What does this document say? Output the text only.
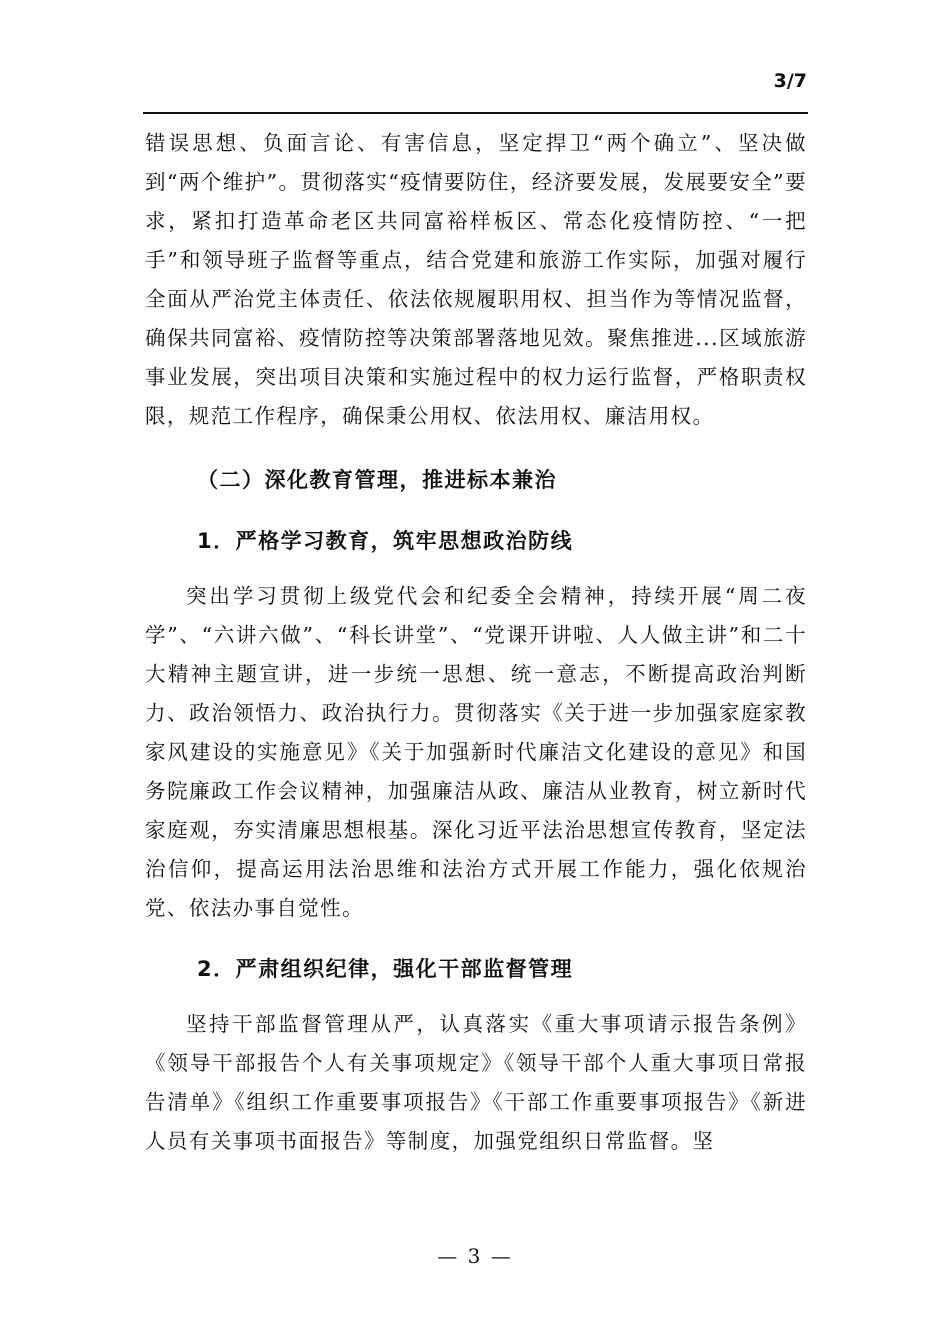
3/7

错误思想、负面言论、有害信息，坚定捍卫“两个确立”、坚决做到“两个维护”。贯彻落实“疫情要防住，经济要发展，发展要安全”要求，紧扣打造革命老区共同富裕样板区、常态化疫情防控、“一把手”和领导班子监督等重点，结合党建和旅游工作实际，加强对履行全面从严治党主体责任、依法依规履职用权、担当作为等情况监督，确保共同富裕、疫情防控等决策部署落地见效。聚焦推进...区域旅游事业发展，突出项目决策和实施过程中的权力运行监督，严格职责权限，规范工作程序，确保秉公用权、依法用权、廉洁用权。

（二）深化教育管理，推进标本兼治
1．严格学习教育，筑牢思想政治防线

突出学习贯彻上级党代会和纪委全会精神，持续开展“周二夜学”、“六讲六做”、“科长讲堂”、“党课开讲啦、人人做主讲”和二十大精神主题宣讲，进一步统一思想、统一意志，不断提高政治判断力、政治领悟力、政治执行力。贯彻落实《关于进一步加强家庭家教家风建设的实施意见》《关于加强新时代廉洁文化建设的意见》和国务院廉政工作会议精神，加强廉洁从政、廉洁从业教育，树立新时代家庭观，夯实清廉思想根基。深化习近平法治思想宣传教育，坚定法治信仰，提高运用法治思维和法治方式开展工作能力，强化依规治党、依法办事自觉性。

2．严肃组织纪律，强化干部监督管理

坚持干部监督管理从严，认真落实《重大事项请示报告条例》《领导干部报告个人有关事项规定》《领导干部个人重大事项日常报告清单》《组织工作重要事项报告》《干部工作重要事项报告》《新进人员有关事项书面报告》等制度，加强党组织日常监督。坚

— 3 —
